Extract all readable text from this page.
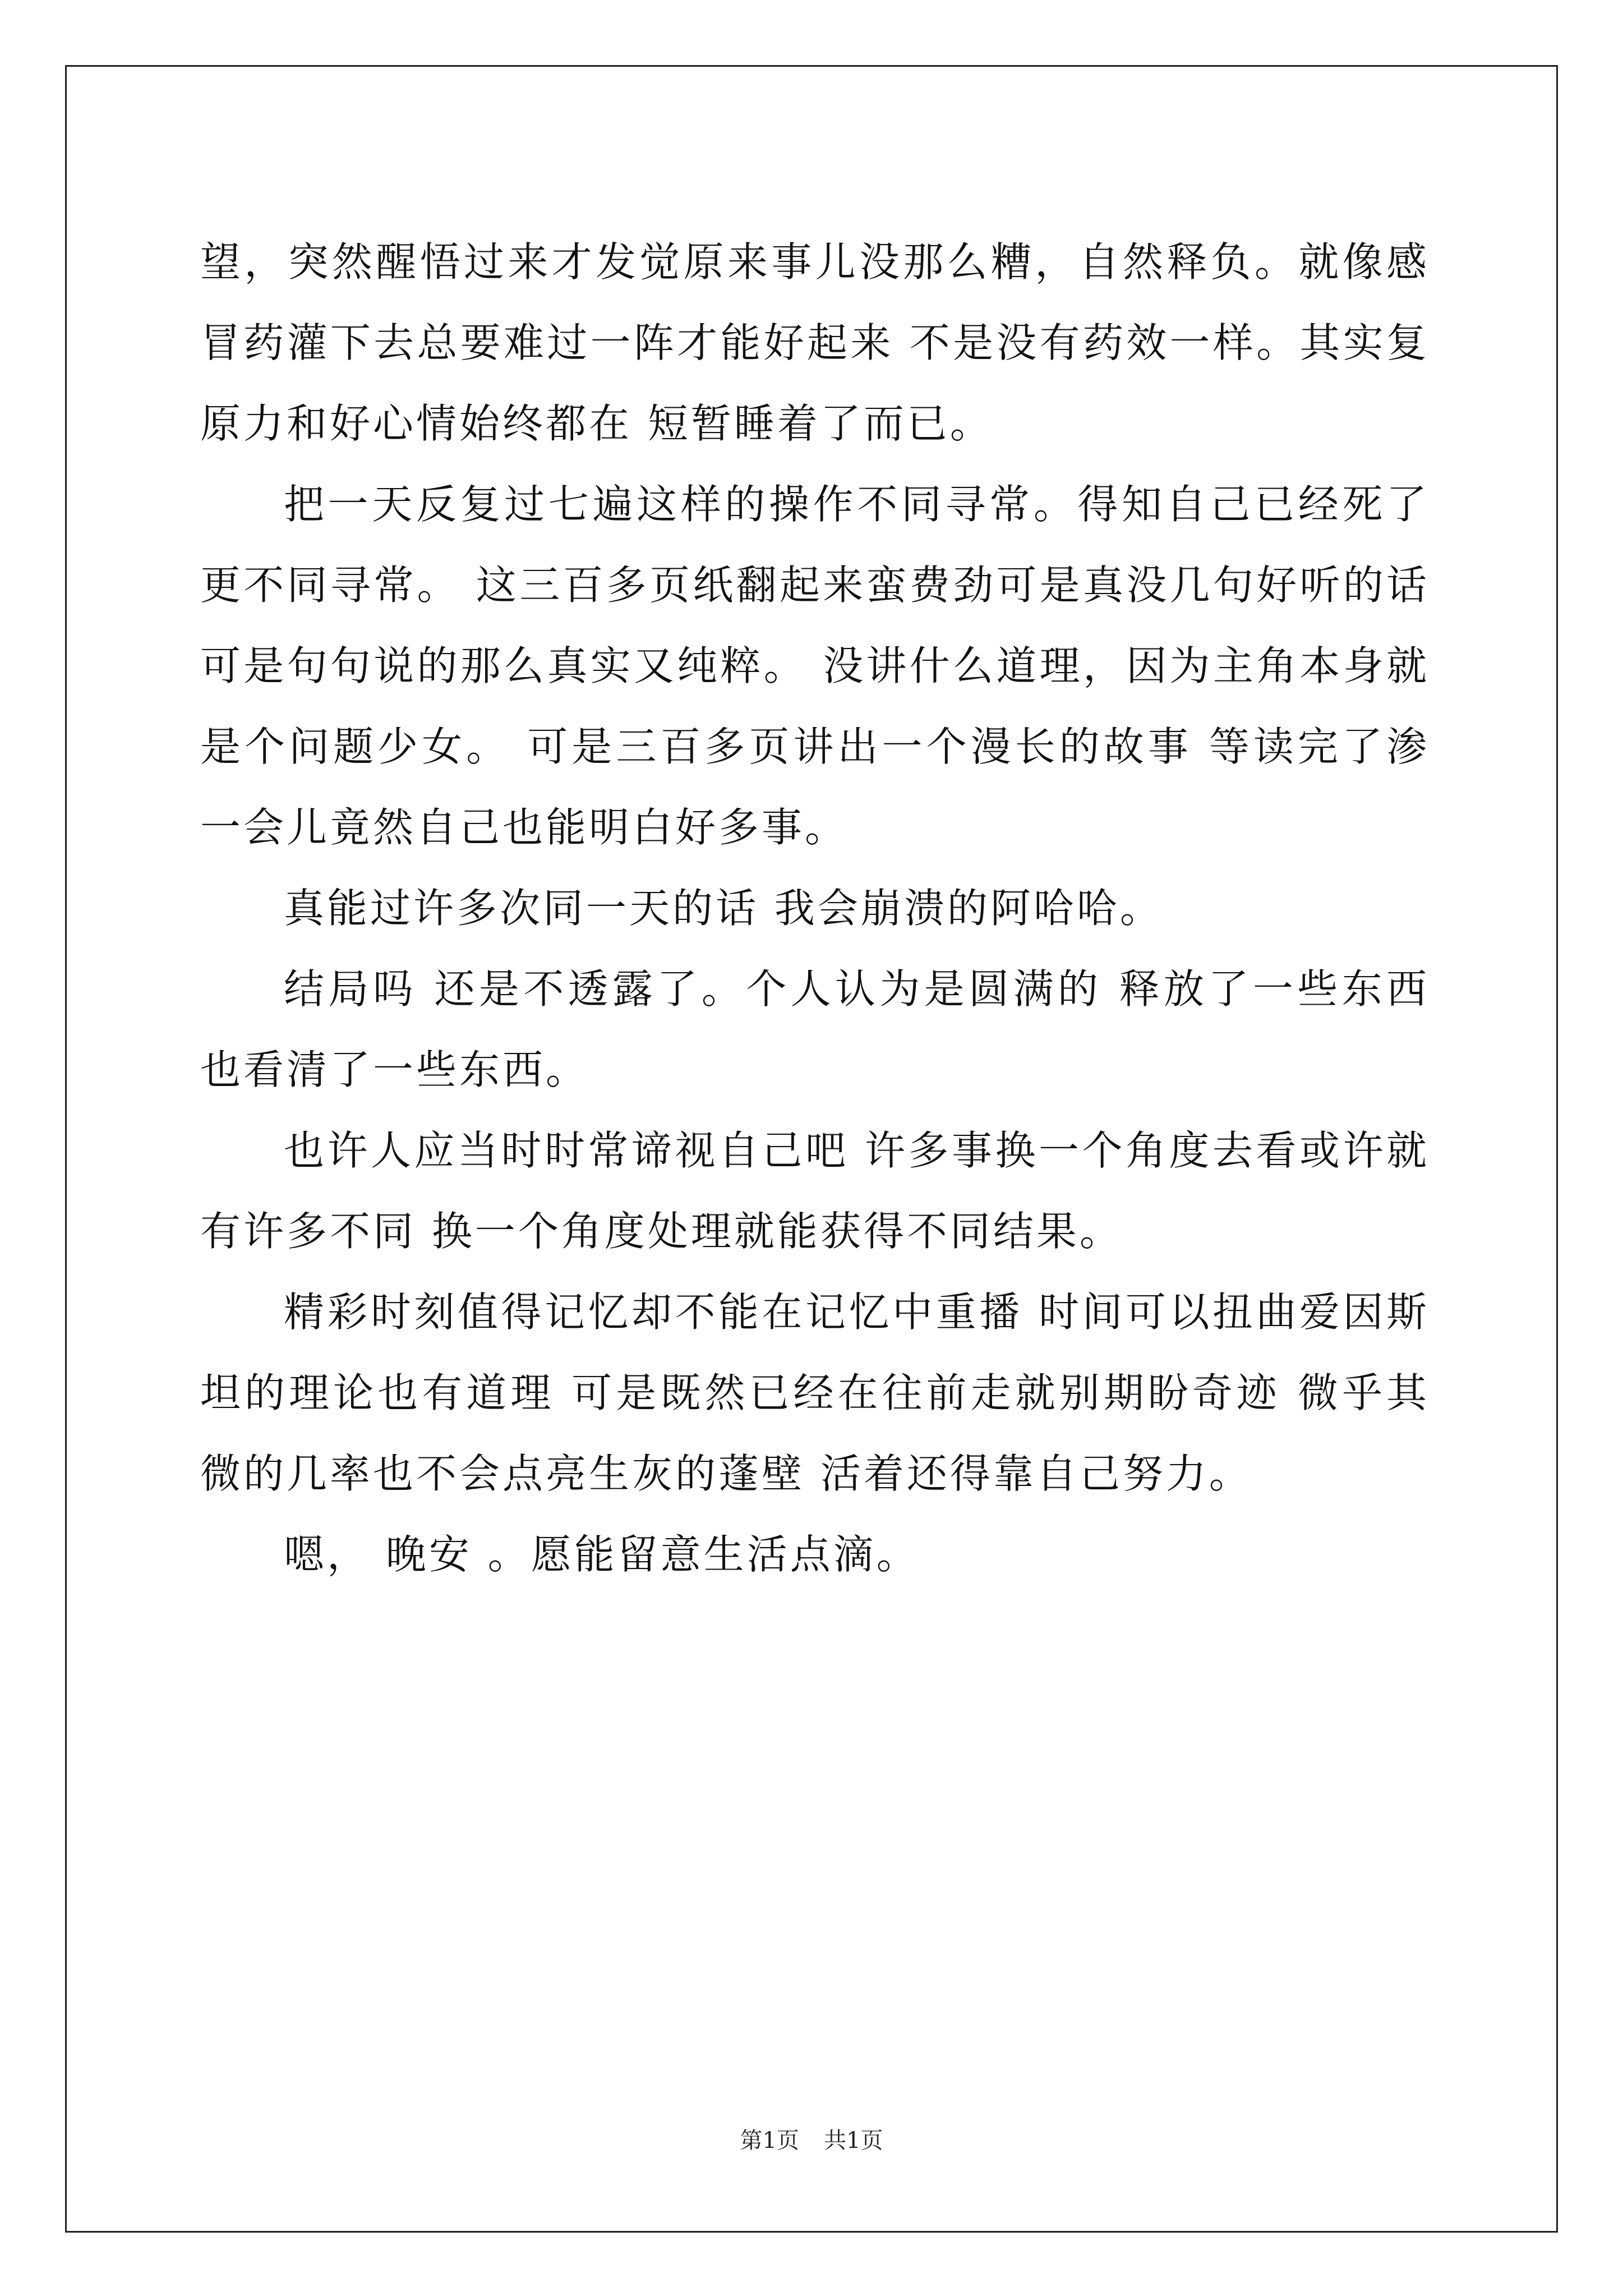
望，突然醒悟过来才发觉原来事儿没那么糟，自然释负。就像感冒药灌下去总要难过一阵才能好起来 不是没有药效一样。其实复原力和好心情始终都在 短暂睡着了而已。

把一天反复过七遍这样的操作不同寻常。得知自己已经死了更不同寻常。 这三百多页纸翻起来蛮费劲可是真没几句好听的话 可是句句说的那么真实又纯粹。 没讲什么道理，因为主角本身就是个问题少女。 可是三百多页讲出一个漫长的故事 等读完了渗一会儿竟然自己也能明白好多事。

真能过许多次同一天的话 我会崩溃的阿哈哈。

结局吗 还是不透露了。个人认为是圆满的 释放了一些东西 也看清了一些东西。

也许人应当时时常谛视自己吧 许多事换一个角度去看或许就有许多不同 换一个角度处理就能获得不同结果。

精彩时刻值得记忆却不能在记忆中重播 时间可以扭曲爱因斯坦的理论也有道理 可是既然已经在往前走就别期盼奇迹 微乎其微的几率也不会点亮生灰的蓬壁 活着还得靠自己努力。

嗯， 晚安 。愿能留意生活点滴。

第1页 共1页
